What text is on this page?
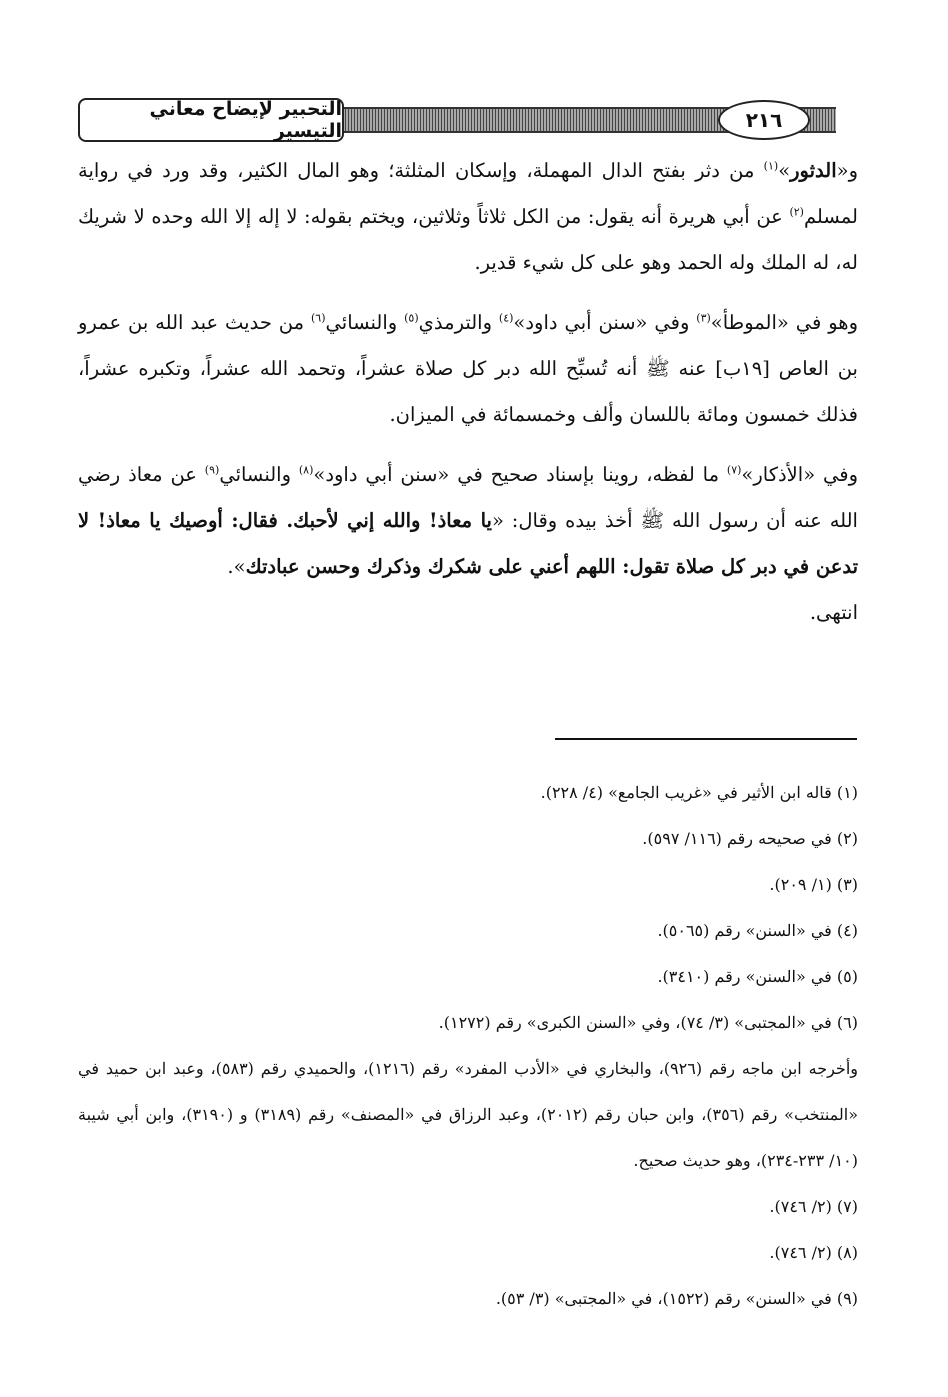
التحبير لإيضاح معاني التيسير	٢١٦

و«الدثور»$^{(١)}$ من دثر بفتح الدال المهملة، وإسكان المثلثة؛ وهو المال الكثير، وقد ورد في رواية لمسلم$^{(٢)}$ عن أبي هريرة أنه يقول: من الكل ثلاثاً وثلاثين، ويختم بقوله: لا إله إلا الله وحده لا شريك له، له الملك وله الحمد وهو على كل شيء قدير.

وهو في «الموطأ»$^{(٣)}$ وفي «سنن أبي داود»$^{(٤)}$ والترمذي$^{(٥)}$ والنسائي$^{(٦)}$ من حديث عبد الله بن عمرو بن العاص [١٩ب] عنه ﷺ أنه تُسبِّح الله دبر كل صلاة عشراً، وتحمد الله عشراً، وتكبره عشراً، فذلك خمسون ومائة باللسان وألف وخمسمائة في الميزان.

وفي «الأذكار»$^{(٧)}$ ما لفظه، روينا بإسناد صحيح في «سنن أبي داود»$^{(٨)}$ والنسائي$^{(٩)}$ عن معاذ رضي الله عنه أن رسول الله ﷺ أخذ بيده وقال: «يا معاذ! والله إني لأحبك. فقال: أوصيك يا معاذ! لا تدعن في دبر كل صلاة تقول: اللهم أعني على شكرك وذكرك وحسن عبادتك».
انتهى.

(١) قاله ابن الأثير في «غريب الجامع» (٤/ ٢٢٨).
(٢) في صحيحه رقم (١١٦/ ٥٩٧).
(٣) (١/ ٢٠٩).
(٤) في «السنن» رقم (٥٠٦٥).
(٥) في «السنن» رقم (٣٤١٠).
(٦) في «المجتبى» (٣/ ٧٤)، وفي «السنن الكبرى» رقم (١٢٧٢).
وأخرجه ابن ماجه رقم (٩٢٦)، والبخاري في «الأدب المفرد» رقم (١٢١٦)، والحميدي رقم (٥٨٣)، وعبد ابن حميد في «المنتخب» رقم (٣٥٦)، وابن حبان رقم (٢٠١٢)، وعبد الرزاق في «المصنف» رقم (٣١٨٩) و (٣١٩٠)، وابن أبي شيبة (١٠/ ٢٣٣-٢٣٤)، وهو حديث صحيح.
(٧) (٢/ ٧٤٦).
(٨) (٢/ ٧٤٦).
(٩) في «السنن» رقم (١٥٢٢)، في «المجتبى» (٣/ ٥٣).
